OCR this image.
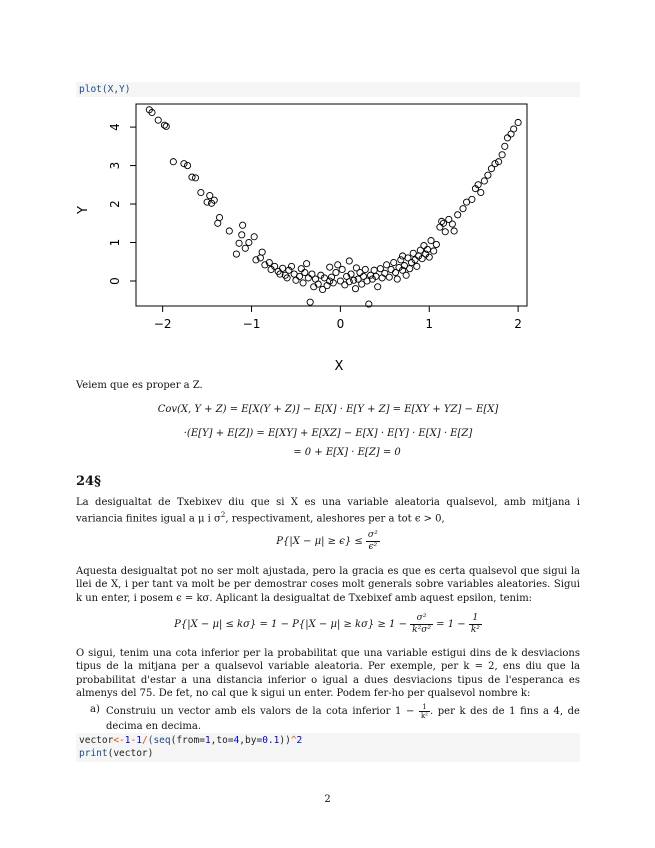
plot(X,Y)
−2	−1	0	1	2
0
1
2
3
4
X
Y

Veiem que es proper a Z.

Cov(X, Y + Z) = E[X(Y + Z)] − E[X] · E[Y + Z] = E[XY + YZ] − E[X]
·(E[Y] + E[Z]) = E[XY] + E[XZ] − E[X] · E[Y] · E[X] · E[Z]
= 0 + E[X] · E[Z] = 0
24§

La desigualtat de Txebixev diu que si X es una variable aleatoria qualsevol, amb mitjana i variancia finites igual a μ i $\sigma^2$, respectivament, aleshores per a tot ϵ > 0,

$P\{|X - \mu| \ge \epsilon\} \le \frac{\text{σ²}}{\text{ϵ²}}$

Aquesta desigualtat pot no ser molt ajustada, pero la gracia es que es certa qualsevol que sigui la llei de X, i per tant va molt be per demostrar coses molt generals sobre variables aleatories. Sigui k un enter, i posem ϵ = kσ. Aplicant la desigualtat de Txebixef amb aquest epsilon, tenim:

$P\{|X - \mu| \le k\sigma\} = 1 - P\{|X - \mu| \ge k\sigma\} \ge 1 - \frac{\text{σ²}}{\text{k²σ²}} = 1 - \frac{1}{\text{k²}}$

O sigui, tenim una cota inferior per la probabilitat que una variable estigui dins de k desviacions tipus de la mitjana per a qualsevol variable aleatoria. Per exemple, per k = 2, ens diu que la probabilitat d'estar a una distancia inferior o igual a dues desviacions tipus de l'esperanca es almenys del 75. De fet, no cal que k sigui un enter. Podem fer-ho per qualsevol nombre k:

a) Construiu un vector amb els valors de la cota inferior $1 - \frac{1}{\text{k²}}$ . per k des de 1 fins a 4, de decima en decima.
vector<-1-1/(seq(from=1,to=4,by=0.1))^2
print(vector)
2
